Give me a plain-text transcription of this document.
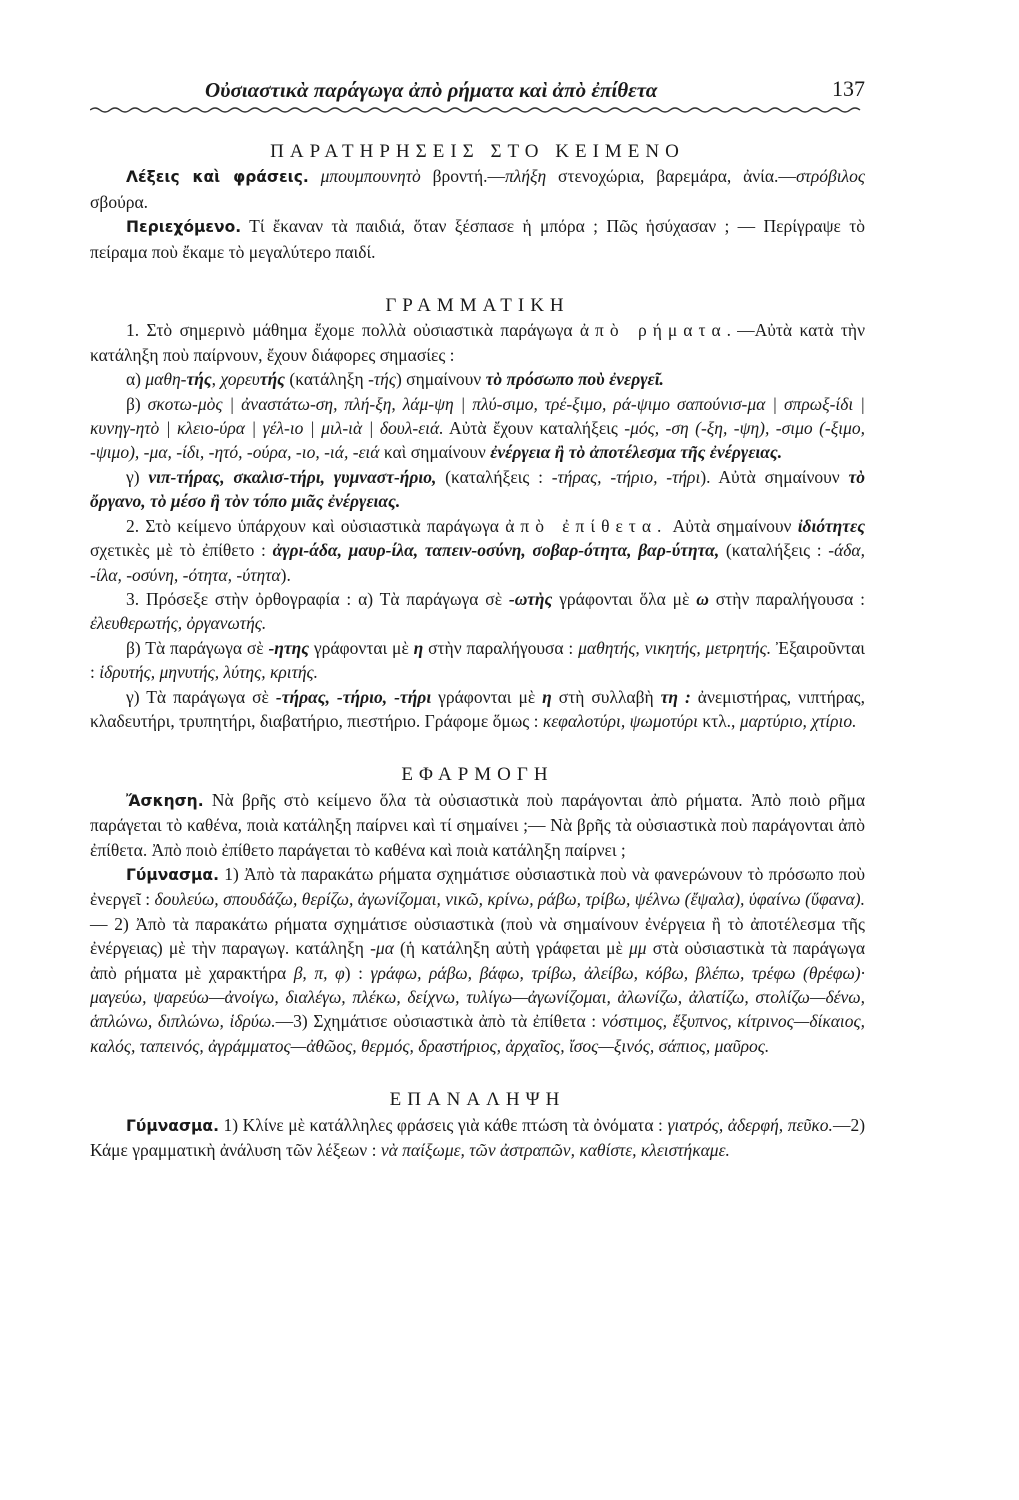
Οὐσιαστικὰ παράγωγα ἀπὸ ρήματα καὶ ἀπὸ ἐπίθετα	137

ΠΑΡΑΤΗΡΗΣΕΙΣ ΣΤΟ ΚΕΙΜΕΝΟ

Λέξεις καὶ φράσεις. μπουμπουνητὸ βροντή.—πλήξη στενοχώρια, βαρεμάρα, ἀνία.—στρόβιλος σβούρα.

Περιεχόμενο. Τί ἔκαναν τὰ παιδιά, ὅταν ξέσπασε ἡ μπόρα ; Πῶς ἡσύχασαν ; — Περίγραψε τὸ πείραμα ποὺ ἔκαμε τὸ μεγαλύτερο παιδί.

ΓΡΑΜΜΑΤΙΚΗ

1. Στὸ σημερινὸ μάθημα ἔχομε πολλὰ οὐσιαστικὰ παράγωγα ἀπὸ ρήματα.—Αὐτὰ κατὰ τὴν κατάληξη ποὺ παίρνουν, ἔχουν διάφορες σημασίες :

α) μαθη-τής, χορευτής (κατάληξη -τής) σημαίνουν τὸ πρόσωπο ποὺ ἐνεργεῖ.

β) σκοτω-μὸς | ἀναστάτω-ση, πλή-ξη, λάμ-ψη | πλύ-σιμο, τρέ-ξιμο, ρά-ψιμο σαπούνισ-μα | σπρωξ-ίδι | κυνηγ-ητὸ | κλειο-ύρα | γέλ-ιο | μιλ-ιὰ | δουλ-ειά. Αὐτὰ ἔχουν καταλήξεις -μός, -ση (-ξη, -ψη), -σιμο (-ξιμο, -ψιμο), -μα, -ίδι, -ητό, -ούρα, -ιο, -ιά, -ειά καὶ σημαίνουν ἐνέργεια ἢ τὸ ἀποτέλεσμα τῆς ἐνέργειας.

γ) νιπ-τήρας, σκαλισ-τήρι, γυμναστ-ήριο, (καταλήξεις : -τήρας, -τήριο, -τήρι). Αὐτὰ σημαίνουν τὸ ὄργανο, τὸ μέσο ἢ τὸν τόπο μιᾶς ἐνέργειας.

2. Στὸ κείμενο ὑπάρχουν καὶ οὐσιαστικὰ παράγωγα ἀπὸ ἐπίθετα. Αὐτὰ σημαίνουν ἰδιότητες σχετικὲς μὲ τὸ ἐπίθετο : ἀγρι-άδα, μαυρ-ίλα, ταπειν-οσύνη, σοβαρ-ότητα, βαρ-ύτητα, (καταλήξεις : -άδα, -ίλα, -οσύνη, -ότητα, -ύτητα).

3. Πρόσεξε στὴν ὀρθογραφία : α) Τὰ παράγωγα σὲ -ωτὴς γράφονται ὅλα μὲ ω στὴν παραλήγουσα : ἐλευθερωτής, ὀργανωτής.

β) Τὰ παράγωγα σὲ -ητης γράφονται μὲ η στὴν παραλήγουσα : μαθητής, νικητής, μετρητής. Ἐξαιροῦνται : ἱδρυτής, μηνυτής, λύτης, κριτής.

γ) Τὰ παράγωγα σὲ -τήρας, -τήριο, -τήρι γράφονται μὲ η στὴ συλλαβὴ τη : ἀνεμιστήρας, νιπτήρας, κλαδευτήρι, τρυπητήρι, διαβατήριο, πιεστήριο. Γράφομε ὅμως : κεφαλοτύρι, ψωμοτύρι κτλ., μαρτύριο, χτίριο.

ΕΦΑΡΜΟΓΗ

Ἄσκηση. Νὰ βρῆς στὸ κείμενο ὅλα τὰ οὐσιαστικὰ ποὺ παράγονται ἀπὸ ρήματα. Ἀπὸ ποιὸ ρῆμα παράγεται τὸ καθένα, ποιὰ κατάληξη παίρνει καὶ τί σημαίνει ;— Νὰ βρῆς τὰ οὐσιαστικὰ ποὺ παράγονται ἀπὸ ἐπίθετα. Ἀπὸ ποιὸ ἐπίθετο παράγεται τὸ καθένα καὶ ποιὰ κατάληξη παίρνει ;

Γύμνασμα. 1) Ἀπὸ τὰ παρακάτω ρήματα σχημάτισε οὐσιαστικὰ ποὺ νὰ φανερώνουν τὸ πρόσωπο ποὺ ἐνεργεῖ : δουλεύω, σπουδάζω, θερίζω, ἀγωνίζομαι, νικῶ, κρίνω, ράβω, τρίβω, ψέλνω (ἔψαλα), ὑφαίνω (ὕφανα).— 2) Ἀπὸ τὰ παρακάτω ρήματα σχημάτισε οὐσιαστικὰ (ποὺ νὰ σημαίνουν ἐνέργεια ἢ τὸ ἀποτέλεσμα τῆς ἐνέργειας) μὲ τὴν παραγωγ. κατάληξη -μα (ἡ κατάληξη αὐτὴ γράφεται μὲ μμ στὰ οὐσιαστικὰ τὰ παράγωγα ἀπὸ ρήματα μὲ χαρακτήρα β, π, φ) : γράφω, ράβω, βάφω, τρίβω, ἀλείβω, κόβω, βλέπω, τρέφω (θρέφω)· μαγεύω, ψαρεύω—ἀνοίγω, διαλέγω, πλέκω, δείχνω, τυλίγω—ἀγωνίζομαι, ἀλωνίζω, ἀλατίζω, στολίζω—δένω, ἁπλώνω, διπλώνω, ἱδρύω.—3) Σχημάτισε οὐσιαστικὰ ἀπὸ τὰ ἐπίθετα : νόστιμος, ἔξυπνος, κίτρινος—δίκαιος, καλός, ταπεινός, ἀγράμματος—ἀθῶος, θερμός, δραστήριος, ἀρχαῖος, ἴσος—ξινός, σάπιος, μαῦρος.

ΕΠΑΝΑΛΗΨΗ

Γύμνασμα. 1) Κλίνε μὲ κατάλληλες φράσεις γιὰ κάθε πτώση τὰ ὀνόματα : γιατρός, ἀδερφή, πεῦκο.—2) Κάμε γραμματικὴ ἀνάλυση τῶν λέξεων : νὰ παίξωμε, τῶν ἀστραπῶν, καθίστε, κλειστήκαμε.
